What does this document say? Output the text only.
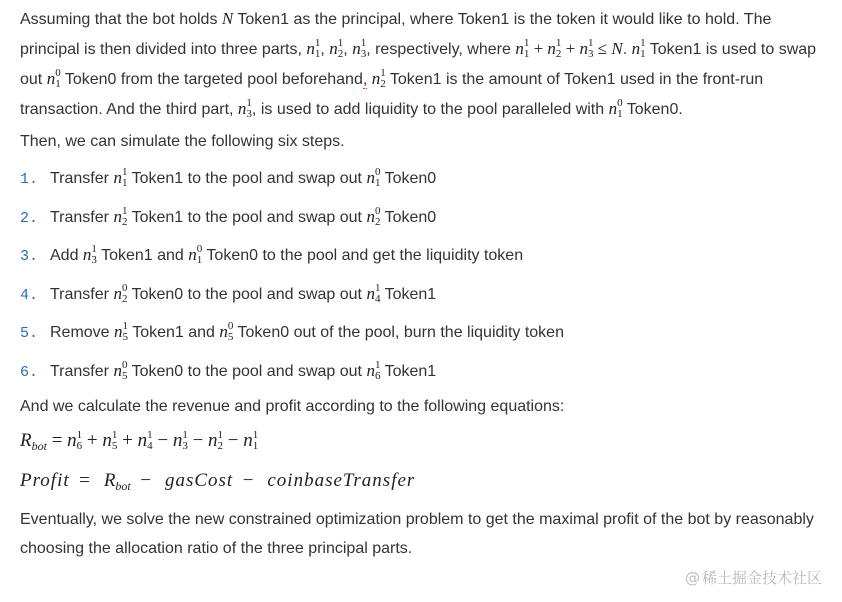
Assuming that the bot holds N Token1 as the principal, where Token1 is the token it would like to hold. The principal is then divided into three parts, n 1
1 , n 1
2 , n 1
3 , respectively, where n 1
1 + n 1
2 + n 1
3 ≤ N. n 1
1 Token1 is used to swap out n 0
1 Token0 from the targeted pool beforehand, n 1
2 Token1 is the amount of Token1 used in the front-run transaction. And the third part, n 1
3 , is used to add liquidity to the pool paralleled with n 0
1 Token0.

Then, we can simulate the following six steps.

1. Transfer n 1
1 Token1 to the pool and swap out n 0
1 Token0
2. Transfer n 1
2 Token1 to the pool and swap out n 0
2 Token0
3. Add n 1
3 Token1 and n 0
1 Token0 to the pool and get the liquidity token
4. Transfer n 0
2 Token0 to the pool and swap out n 1
4 Token1
5. Remove n 1
5 Token1 and n 0
5 Token0 out of the pool, burn the liquidity token
6. Transfer n 0
5 Token0 to the pool and swap out n 1
6 Token1

And we calculate the revenue and profit according to the following equations:

$R_{bot} = n$ 1
6 + n 1
5 + n 1
4 − n 1
3 − n 1
2 − n 1
1
Profit  =   $R_{bot}$  −   gasCost  −   coinbaseTransfer

Eventually, we solve the new constrained optimization problem to get the maximal profit of the bot by reasonably choosing the allocation ratio of the three principal parts.

@ 稀土掘金技术社区
